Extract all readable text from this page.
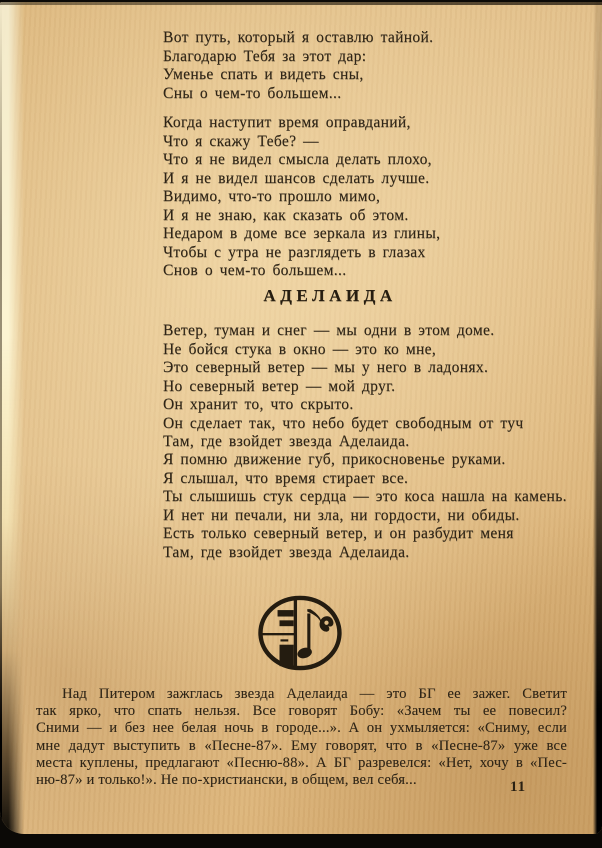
Вот путь, который я оставлю тайной.
Благодарю Тебя за этот дар:
Уменье спать и видеть сны,
Сны о чем-то большем...
Когда наступит время оправданий,
Что я скажу Тебе? —
Что я не видел смысла делать плохо,
И я не видел шансов сделать лучше.
Видимо, что-то прошло мимо,
И я не знаю, как сказать об этом.
Недаром в доме все зеркала из глины,
Чтобы с утра не разглядеть в глазах
Снов о чем-то большем...
АДЕЛАИДА
Ветер, туман и снег — мы одни в этом доме.
Не бойся стука в окно — это ко мне,
Это северный ветер — мы у него в ладонях.
Но северный ветер — мой друг.
Он хранит то, что скрыто.
Он сделает так, что небо будет свободным от туч
Там, где взойдет звезда Аделаида.
Я помню движение губ, прикосновенье руками.
Я слышал, что время стирает все.
Ты слышишь стук сердца — это коса нашла на камень.
И нет ни печали, ни зла, ни гордости, ни обиды.
Есть только северный ветер, и он разбудит меня
Там, где взойдет звезда Аделаида.
Над Питером зажглась звезда Аделаида — это БГ ее зажег. Светит
так ярко, что спать нельзя. Все говорят Бобу: «Зачем ты ее повесил?
Сними — и без нее белая ночь в городе...». А он ухмыляется: «Сниму, если
мне дадут выступить в «Песне-87». Ему говорят, что в «Песне-87» уже все
места куплены, предлагают «Песню-88». А БГ разревелся: «Нет, хочу в «Пес-
ню-87» и только!». Не по-христиански, в общем, вел себя...	11
